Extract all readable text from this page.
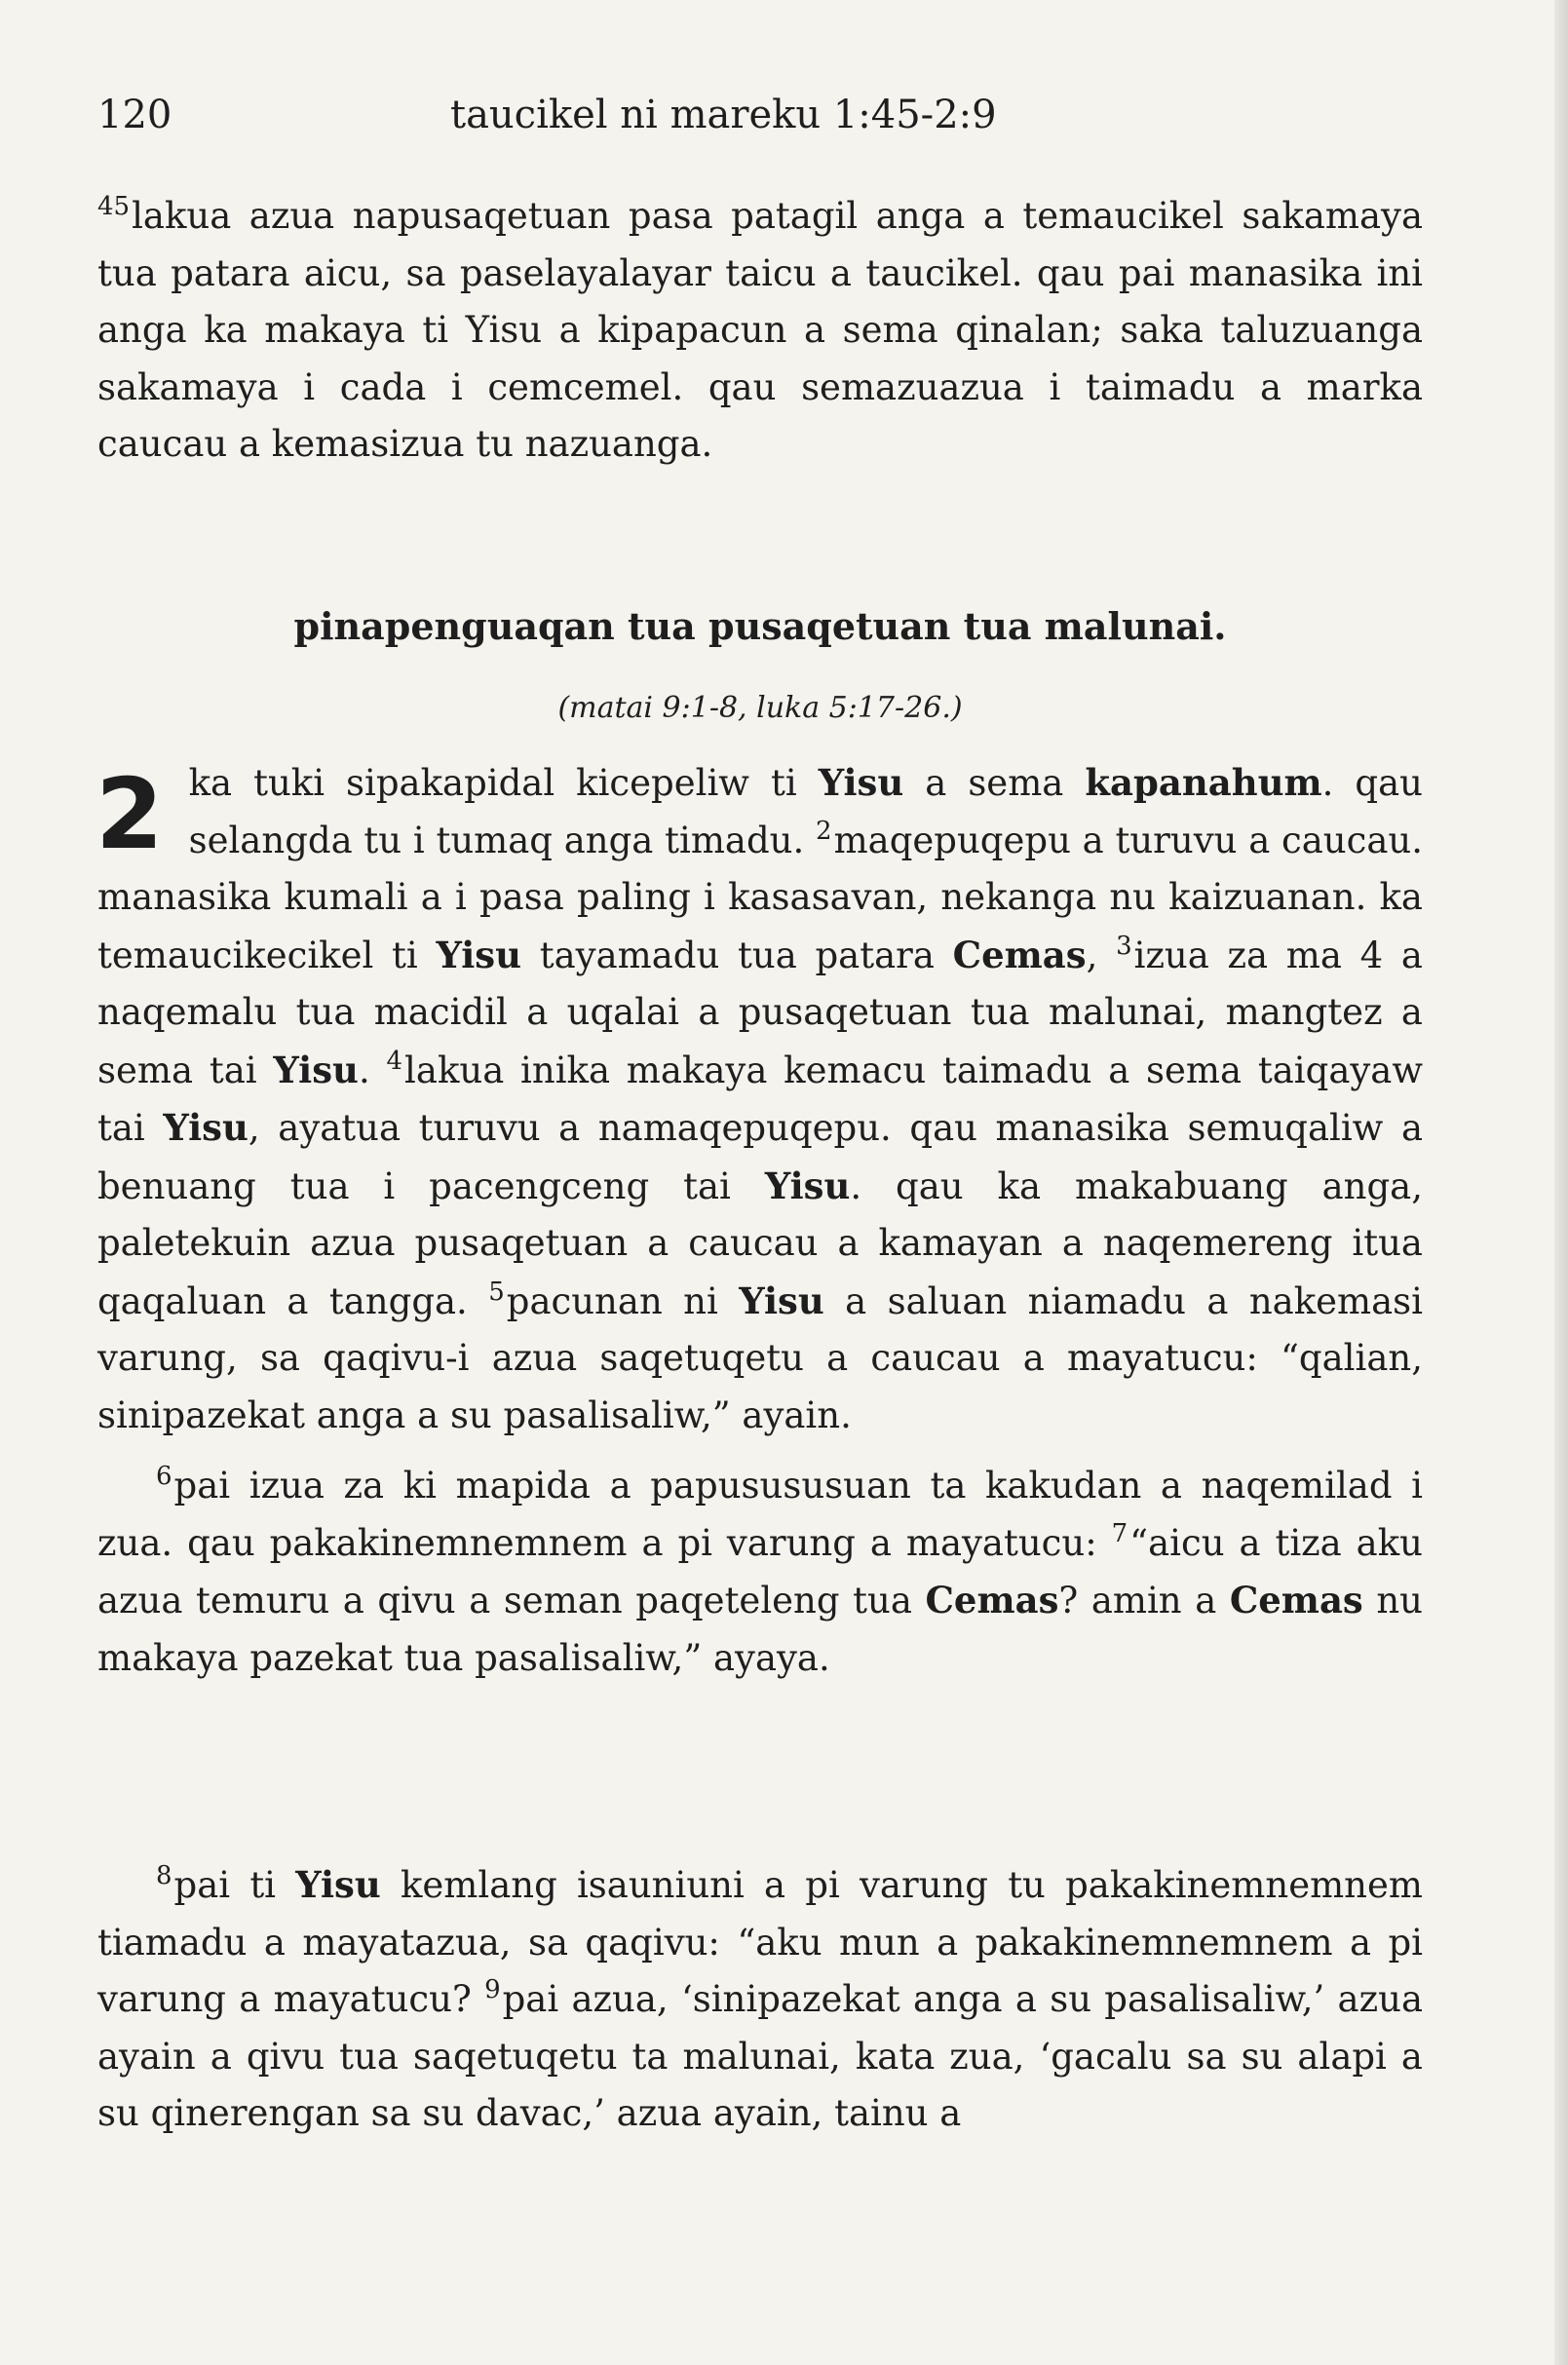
120	taucikel ni mareku 1:45-2:9

$^{45}$lakua azua napusaqetuan pasa patagil anga a temaucikel sakamaya tua patara aicu, sa paselayalayar taicu a taucikel. qau pai manasika ini anga ka makaya ti Yisu a kipapacun a sema qinalan; saka taluzuanga sakamaya i cada i cemcemel. qau semazuazua i taimadu a marka caucau a kemasizua tu nazuanga.

pinapenguaqan tua pusaqetuan tua malunai.
(matai 9:1-8, luka 5:17-26.)

2 ka tuki sipakapidal kicepeliw ti Yisu a sema kapanahum. qau selangda tu i tumaq anga timadu. $^2$maqepuqepu a turuvu a caucau. manasika kumali a i pasa paling i kasasavan, nekanga nu kaizuanan. ka temaucikecikel ti Yisu tayamadu tua patara Cemas, $^3$izua za ma 4 a naqemalu tua macidil a uqalai a pusaqetuan tua malunai, mangtez a sema tai Yisu. $^4$lakua inika makaya kemacu taimadu a sema taiqayaw tai Yisu, ayatua turuvu a namaqepuqepu. qau manasika semuqaliw a benuang tua i pacengceng tai Yisu. qau ka makabuang anga, paletekuin azua pusaqetuan a caucau a kamayan a naqemereng itua qaqaluan a tangga. $^5$pacunan ni Yisu a saluan niamadu a nakemasi varung, sa qaqivu-i azua saqetuqetu a caucau a mayatucu: “qalian, sinipazekat anga a su pasalisaliw,” ayain.

$^6$pai izua za ki mapida a papusususuan ta kakudan a naqemilad i zua. qau pakakinemnemnem a pi varung a mayatucu: $^7$“aicu a tiza aku azua temuru a qivu a seman paqeteleng tua Cemas? amin a Cemas nu makaya pazekat tua pasalisaliw,” ayaya.

$^8$pai ti Yisu kemlang isauniuni a pi varung tu pakakinemnemnem tiamadu a mayatazua, sa qaqivu: “aku mun a pakakinemnemnem a pi varung a mayatucu? $^9$pai azua, ‘sinipazekat anga a su pasalisaliw,’ azua ayain a qivu tua saqetuqetu ta malunai, kata zua, ‘gacalu sa su alapi a su qinerengan sa su davac,’ azua ayain, tainu a
